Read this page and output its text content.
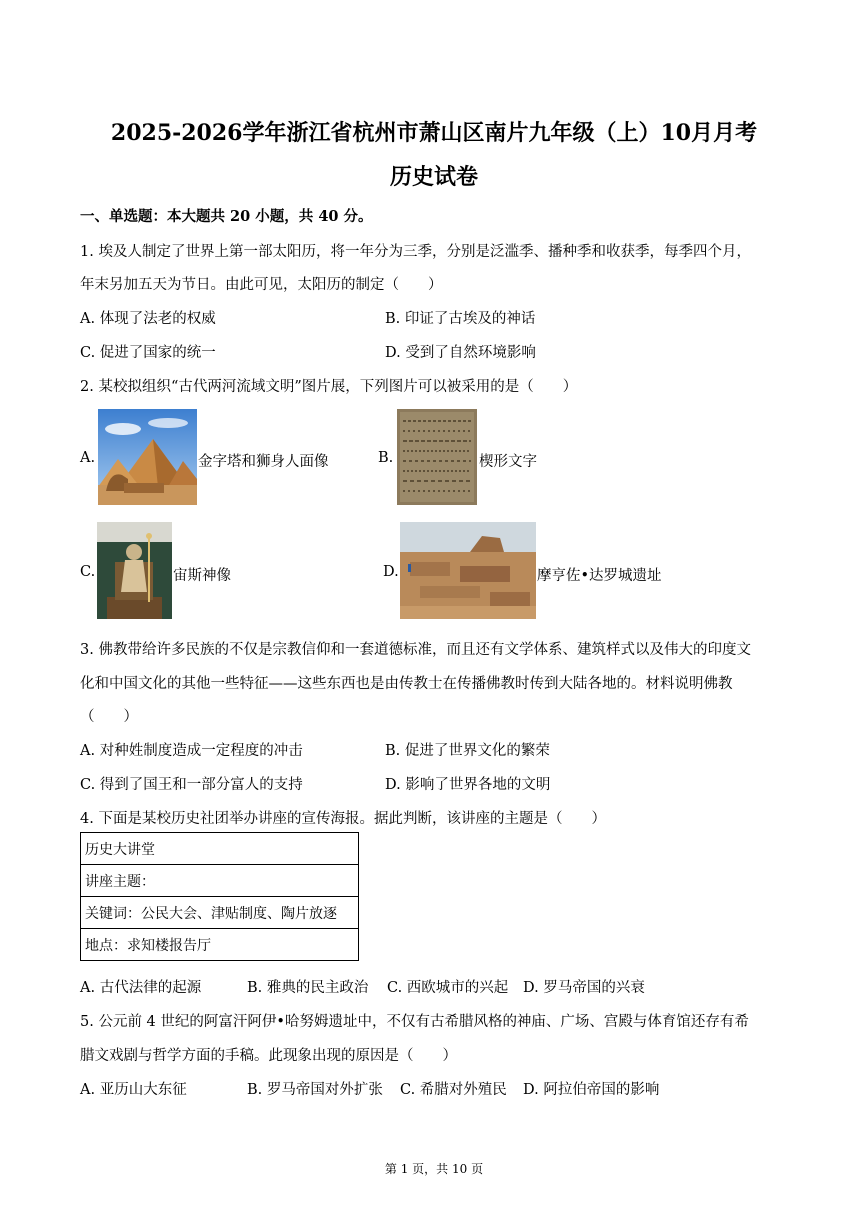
2025-2026学年浙江省杭州市萧山区南片九年级（上）10月月考
历史试卷
一、单选题：本大题共 20 小题，共 40 分。
1. 埃及人制定了世界上第一部太阳历，将一年分为三季，分别是泛滥季、播种季和收获季，每季四个月，
年末另加五天为节日。由此可见，太阳历的制定（　　）
A. 体现了法老的权威	B. 印证了古埃及的神话
C. 促进了国家的统一	D. 受到了自然环境影响
2. 某校拟组织“古代两河流域文明”图片展，下列图片可以被采用的是（　　）
A.	金字塔和狮身人面像	B.	楔形文字
C.	宙斯神像	D.	摩亨佐•达罗城遗址
3. 佛教带给许多民族的不仅是宗教信仰和一套道德标准，而且还有文学体系、建筑样式以及伟大的印度文
化和中国文化的其他一些特征——这些东西也是由传教士在传播佛教时传到大陆各地的。材料说明佛教
（　　）
A. 对种姓制度造成一定程度的冲击	B. 促进了世界文化的繁荣
C. 得到了国王和一部分富人的支持	D. 影响了世界各地的文明
4. 下面是某校历史社团举办讲座的宣传海报。据此判断，该讲座的主题是（　　）
历史大讲堂
讲座主题：
关键词：公民大会、津贴制度、陶片放逐
地点：求知楼报告厅
A. 古代法律的起源	B. 雅典的民主政治 C. 西欧城市的兴起 D. 罗马帝国的兴衰
5. 公元前 4 世纪的阿富汗阿伊•哈努姆遗址中，不仅有古希腊风格的神庙、广场、宫殿与体育馆还存有希
腊文戏剧与哲学方面的手稿。此现象出现的原因是（　　）
A. 亚历山大东征	B. 罗马帝国对外扩张 C. 希腊对外殖民 D. 阿拉伯帝国的影响
第 1 页，共 10 页
